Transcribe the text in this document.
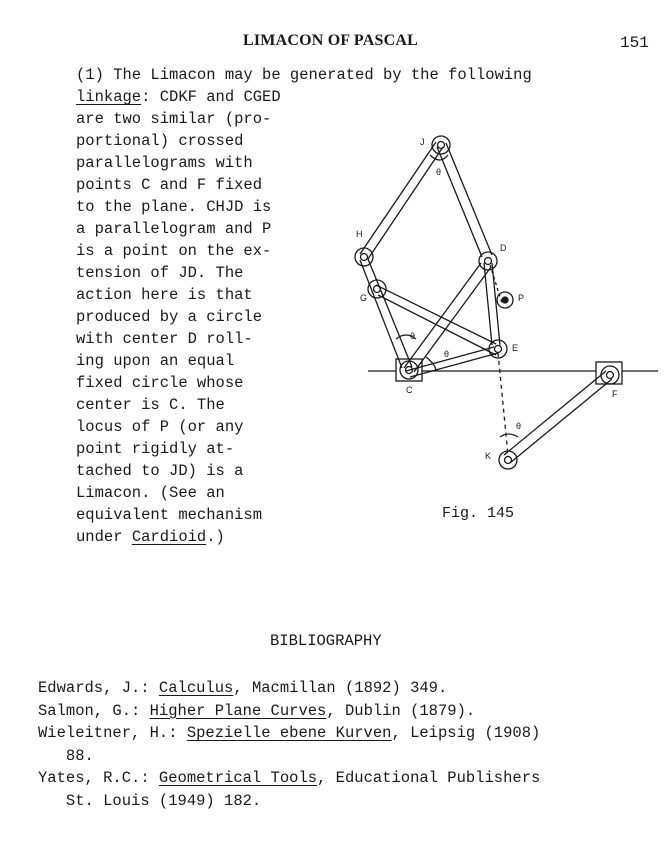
LIMACON OF PASCAL	151
(1) The Limacon may be generated by the following
linkage: CDKF and CGED
are two similar (pro-
portional) crossed
parallelograms with
points C and F fixed
to the plane. CHJD is
a parallelogram and P
is a point on the ex-
tension of JD. The
action here is that
produced by a circle
with center D roll-
ing upon an equal
fixed circle whose
center is C. The
locus of P (or any
point rigidly at-
tached to JD) is a
Limacon. (See an
equivalent mechanism
under Cardioid.)
J
θ
H
D
G	P
θ
θ
E
C	F
θ
K
Fig. 145
BIBLIOGRAPHY
Edwards, J.: Calculus, Macmillan (1892) 349.
Salmon, G.: Higher Plane Curves, Dublin (1879).
Wieleitner, H.: Spezielle ebene Kurven, Leipsig (1908)
88.
Yates, R.C.: Geometrical Tools, Educational Publishers
St. Louis (1949) 182.
